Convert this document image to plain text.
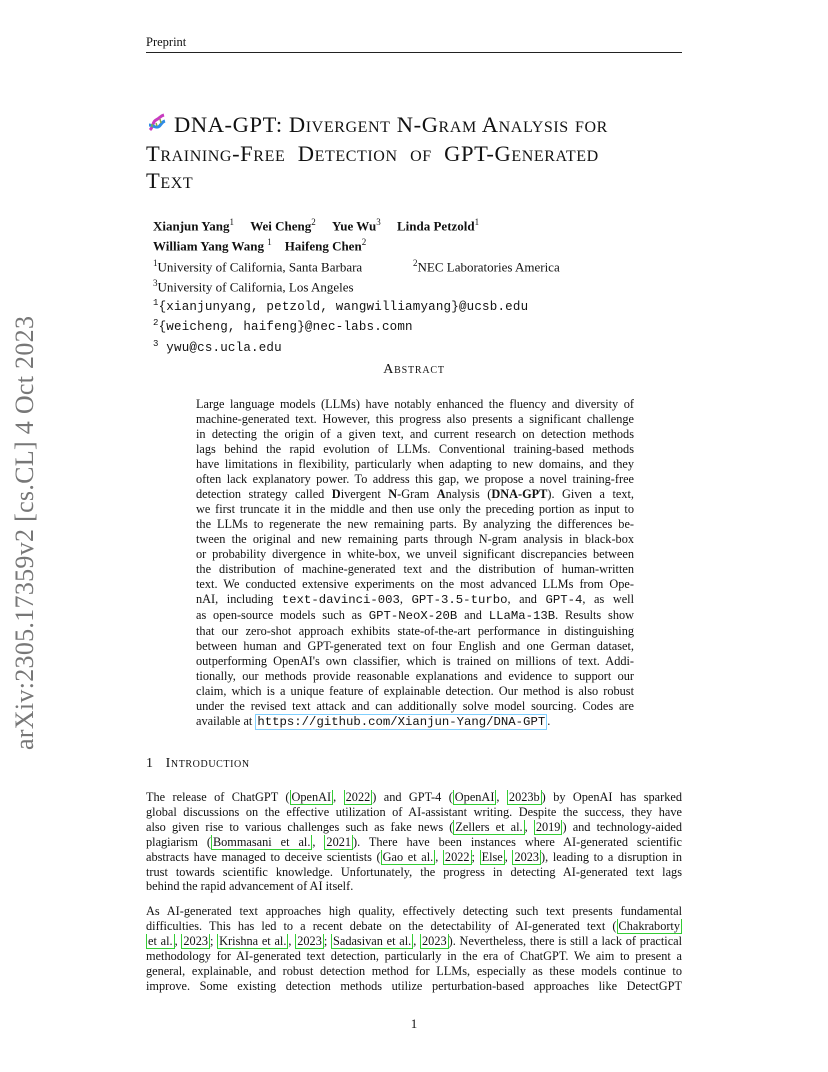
Preprint
arXiv:2305.17359v2 [cs.CL] 4 Oct 2023
DNA-GPT: Divergent N-Gram Analysis for
Training-Free  Detection  of  GPT-Generated
Text
Xianjun Yang$^1$ Wei Cheng$^2$ Yue Wu$^3$ Linda Petzold$^1$
William Yang Wang $^1$ Haifeng Chen$^2$
$^1$University of California, Santa Barbara	$^2$NEC Laboratories America
$^3$University of California, Los Angeles
$^1${xianjunyang, petzold, wangwilliamyang}@ucsb.edu
$^2${weicheng, haifeng}@nec-labs.comn
$^3$ ywu@cs.ucla.edu
Abstract
Large language models (LLMs) have notably enhanced the fluency and diversity of
machine-generated text. However, this progress also presents a significant challenge
in detecting the origin of a given text, and current research on detection methods
lags behind the rapid evolution of LLMs. Conventional training-based methods
have limitations in flexibility, particularly when adapting to new domains, and they
often lack explanatory power. To address this gap, we propose a novel training-free
detection strategy called Divergent N-Gram Analysis (DNA-GPT). Given a text,
we first truncate it in the middle and then use only the preceding portion as input to
the LLMs to regenerate the new remaining parts. By analyzing the differences be-
tween the original and new remaining parts through N-gram analysis in black-box
or probability divergence in white-box, we unveil significant discrepancies between
the distribution of machine-generated text and the distribution of human-written
text. We conducted extensive experiments on the most advanced LLMs from Ope-
nAI, including text-davinci-003, GPT-3.5-turbo, and GPT-4, as well
as open-source models such as GPT-NeoX-20B and LLaMa-13B. Results show
that our zero-shot approach exhibits state-of-the-art performance in distinguishing
between human and GPT-generated text on four English and one German dataset,
outperforming OpenAI's own classifier, which is trained on millions of text. Addi-
tionally, our methods provide reasonable explanations and evidence to support our
claim, which is a unique feature of explainable detection. Our method is also robust
under the revised text attack and can additionally solve model sourcing. Codes are
available at https://github.com/Xianjun-Yang/DNA-GPT .
1 Introduction
The release of ChatGPT ( OpenAI , 2022 ) and GPT-4 ( OpenAI , 2023b ) by OpenAI has sparked
global discussions on the effective utilization of AI-assistant writing. Despite the success, they have
also given rise to various challenges such as fake news ( Zellers et al. , 2019 ) and technology-aided
plagiarism ( Bommasani et al. , 2021 ). There have been instances where AI-generated scientific
abstracts have managed to deceive scientists ( Gao et al. , 2022 ; Else , 2023 ), leading to a disruption in
trust towards scientific knowledge. Unfortunately, the progress in detecting AI-generated text lags
behind the rapid advancement of AI itself.
As AI-generated text approaches high quality, effectively detecting such text presents fundamental
difficulties. This has led to a recent debate on the detectability of AI-generated text ( Chakraborty
et al. , 2023 ; Krishna et al. , 2023 ; Sadasivan et al. , 2023 ). Nevertheless, there is still a lack of practical
methodology for AI-generated text detection, particularly in the era of ChatGPT. We aim to present a
general, explainable, and robust detection method for LLMs, especially as these models continue to
improve. Some existing detection methods utilize perturbation-based approaches like DetectGPT
1
